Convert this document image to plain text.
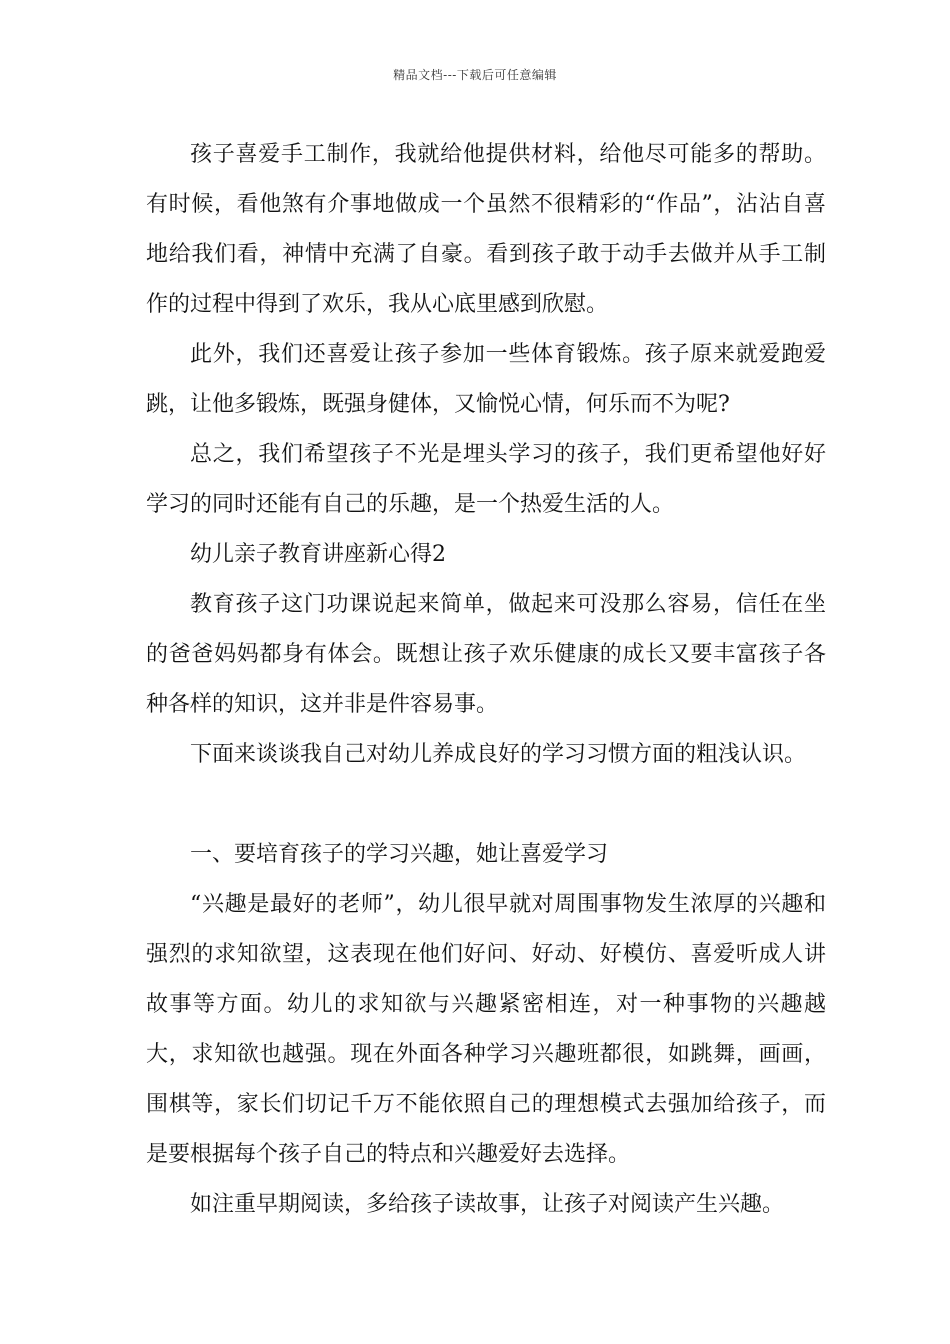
精品文档---下载后可任意编辑

孩子喜爱手工制作，我就给他提供材料，给他尽可能多的帮助。有时候，看他煞有介事地做成一个虽然不很精彩的“作品”，沾沾自喜地给我们看，神情中充满了自豪。看到孩子敢于动手去做并从手工制作的过程中得到了欢乐，我从心底里感到欣慰。

此外，我们还喜爱让孩子参加一些体育锻炼。孩子原来就爱跑爱跳，让他多锻炼，既强身健体，又愉悦心情，何乐而不为呢?

总之，我们希望孩子不光是埋头学习的孩子，我们更希望他好好学习的同时还能有自己的乐趣，是一个热爱生活的人。

幼儿亲子教育讲座新心得2

教育孩子这门功课说起来简单，做起来可没那么容易，信任在坐的爸爸妈妈都身有体会。既想让孩子欢乐健康的成长又要丰富孩子各种各样的知识，这并非是件容易事。

下面来谈谈我自己对幼儿养成良好的学习习惯方面的粗浅认识。

一、要培育孩子的学习兴趣，她让喜爱学习

“兴趣是最好的老师”，幼儿很早就对周围事物发生浓厚的兴趣和强烈的求知欲望，这表现在他们好问、好动、好模仿、喜爱听成人讲故事等方面。幼儿的求知欲与兴趣紧密相连，对一种事物的兴趣越大，求知欲也越强。现在外面各种学习兴趣班都很，如跳舞，画画，围棋等，家长们切记千万不能依照自己的理想模式去强加给孩子，而是要根据每个孩子自己的特点和兴趣爱好去选择。

如注重早期阅读，多给孩子读故事，让孩子对阅读产生兴趣。
